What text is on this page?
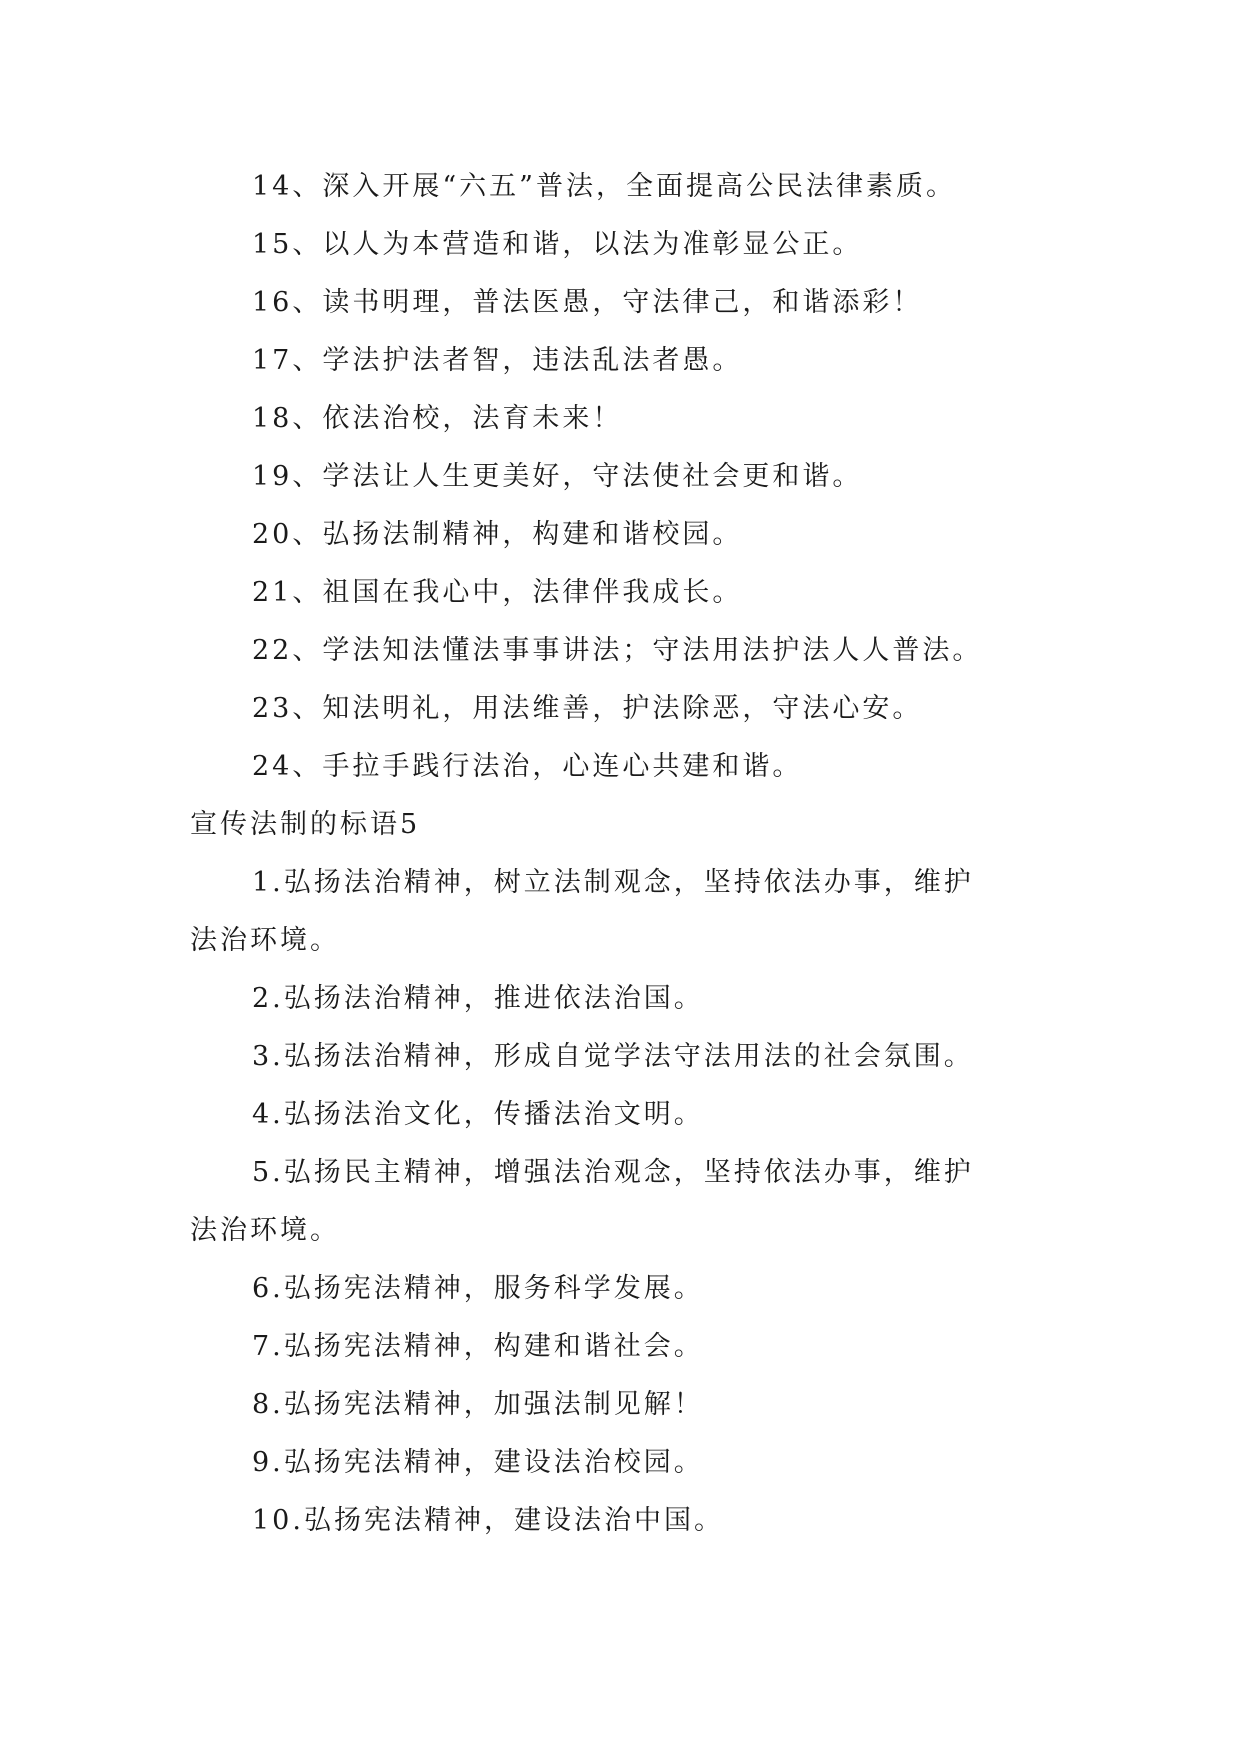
14、深入开展“六五”普法，全面提高公民法律素质。
15、以人为本营造和谐，以法为准彰显公正。
16、读书明理，普法医愚，守法律己，和谐添彩！
17、学法护法者智，违法乱法者愚。
18、依法治校，法育未来！
19、学法让人生更美好，守法使社会更和谐。
20、弘扬法制精神，构建和谐校园。
21、祖国在我心中，法律伴我成长。
22、学法知法懂法事事讲法；守法用法护法人人普法。
23、知法明礼，用法维善，护法除恶，守法心安。
24、手拉手践行法治，心连心共建和谐。
宣传法制的标语5
1.弘扬法治精神，树立法制观念，坚持依法办事，维护
法治环境。
2.弘扬法治精神，推进依法治国。
3.弘扬法治精神，形成自觉学法守法用法的社会氛围。
4.弘扬法治文化，传播法治文明。
5.弘扬民主精神，增强法治观念，坚持依法办事，维护
法治环境。
6.弘扬宪法精神，服务科学发展。
7.弘扬宪法精神，构建和谐社会。
8.弘扬宪法精神，加强法制见解！
9.弘扬宪法精神，建设法治校园。
10.弘扬宪法精神，建设法治中国。
